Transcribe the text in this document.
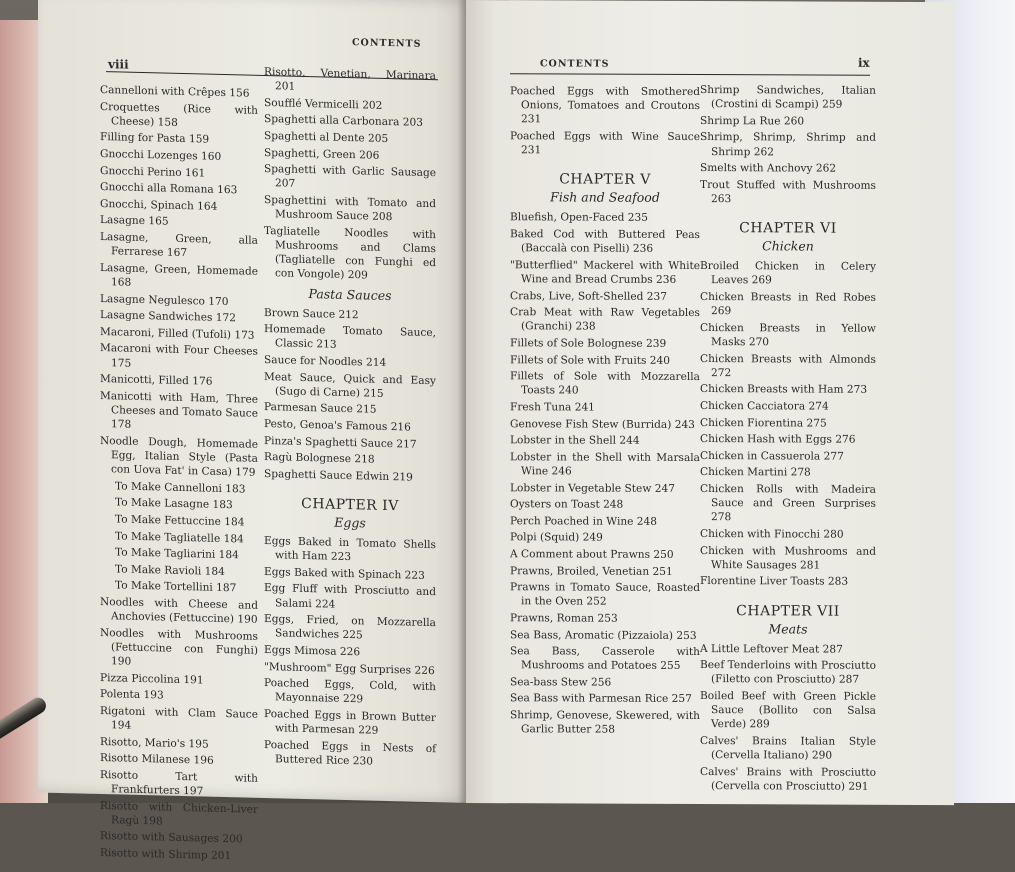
viii
CONTENTS
Cannelloni with Crêpes 156
Croquettes (Rice with Cheese) 158
Filling for Pasta 159
Gnocchi Lozenges 160
Gnocchi Perino 161
Gnocchi alla Romana 163
Gnocchi, Spinach 164
Lasagne 165
Lasagne, Green, alla Ferrarese 167
Lasagne, Green, Homemade 168
Lasagne Negulesco 170
Lasagne Sandwiches 172
Macaroni, Filled (Tufoli) 173
Macaroni with Four Cheeses 175
Manicotti, Filled 176
Manicotti with Ham, Three Cheeses and Tomato Sauce 178
Noodle Dough, Homemade Egg, Italian Style (Pasta con Uova Fat' in Casa) 179
To Make Cannelloni 183
To Make Lasagne 183
To Make Fettuccine 184
To Make Tagliatelle 184
To Make Tagliarini 184
To Make Ravioli 184
To Make Tortellini 187
Noodles with Cheese and Anchovies (Fettuccine) 190
Noodles with Mushrooms (Fettuccine con Funghi) 190
Pizza Piccolina 191
Polenta 193
Rigatoni with Clam Sauce 194
Risotto, Mario's 195
Risotto Milanese 196
Risotto Tart with Frankfurters 197
Risotto with Chicken-Liver Ragù 198
Risotto with Sausages 200
Risotto with Shrimp 201
Risotto, Venetian, Marinara 201
Soufflé Vermicelli 202
Spaghetti alla Carbonara 203
Spaghetti al Dente 205
Spaghetti, Green 206
Spaghetti with Garlic Sausage 207
Spaghettini with Tomato and Mushroom Sauce 208
Tagliatelle Noodles with Mushrooms and Clams (Tagliatelle con Funghi ed con Vongole) 209
Pasta Sauces
Brown Sauce 212
Homemade Tomato Sauce, Classic 213
Sauce for Noodles 214
Meat Sauce, Quick and Easy (Sugo di Carne) 215
Parmesan Sauce 215
Pesto, Genoa's Famous 216
Pinza's Spaghetti Sauce 217
Ragù Bolognese 218
Spaghetti Sauce Edwin 219
CHAPTER IV
Eggs
Eggs Baked in Tomato Shells with Ham 223
Eggs Baked with Spinach 223
Egg Fluff with Prosciutto and Salami 224
Eggs, Fried, on Mozzarella Sandwiches 225
Eggs Mimosa 226
"Mushroom" Egg Surprises 226
Poached Eggs, Cold, with Mayonnaise 229
Poached Eggs in Brown Butter with Parmesan 229
Poached Eggs in Nests of Buttered Rice 230
CONTENTS	ix
Poached Eggs with Smothered Onions, Tomatoes and Croutons 231
Poached Eggs with Wine Sauce 231
CHAPTER V
Fish and Seafood
Bluefish, Open-Faced 235
Baked Cod with Buttered Peas (Baccalà con Piselli) 236
"Butterflied" Mackerel with White Wine and Bread Crumbs 236
Crabs, Live, Soft-Shelled 237
Crab Meat with Raw Vegetables (Granchi) 238
Fillets of Sole Bolognese 239
Fillets of Sole with Fruits 240
Fillets of Sole with Mozzarella Toasts 240
Fresh Tuna 241
Genovese Fish Stew (Burrida) 243
Lobster in the Shell 244
Lobster in the Shell with Marsala Wine 246
Lobster in Vegetable Stew 247
Oysters on Toast 248
Perch Poached in Wine 248
Polpi (Squid) 249
A Comment about Prawns 250
Prawns, Broiled, Venetian 251
Prawns in Tomato Sauce, Roasted in the Oven 252
Prawns, Roman 253
Sea Bass, Aromatic (Pizzaiola) 253
Sea Bass, Casserole with Mushrooms and Potatoes 255
Sea-bass Stew 256
Sea Bass with Parmesan Rice 257
Shrimp, Genovese, Skewered, with Garlic Butter 258
Shrimp Sandwiches, Italian (Crostini di Scampi) 259
Shrimp La Rue 260
Shrimp, Shrimp, Shrimp and Shrimp 262
Smelts with Anchovy 262
Trout Stuffed with Mushrooms 263
CHAPTER VI
Chicken
Broiled Chicken in Celery Leaves 269
Chicken Breasts in Red Robes 269
Chicken Breasts in Yellow Masks 270
Chicken Breasts with Almonds 272
Chicken Breasts with Ham 273
Chicken Cacciatora 274
Chicken Fiorentina 275
Chicken Hash with Eggs 276
Chicken in Cassuerola 277
Chicken Martini 278
Chicken Rolls with Madeira Sauce and Green Surprises 278
Chicken with Finocchi 280
Chicken with Mushrooms and White Sausages 281
Florentine Liver Toasts 283
CHAPTER VII
Meats
A Little Leftover Meat 287
Beef Tenderloins with Prosciutto (Filetto con Prosciutto) 287
Boiled Beef with Green Pickle Sauce (Bollito con Salsa Verde) 289
Calves' Brains Italian Style (Cervella Italiano) 290
Calves' Brains with Prosciutto (Cervella con Prosciutto) 291
